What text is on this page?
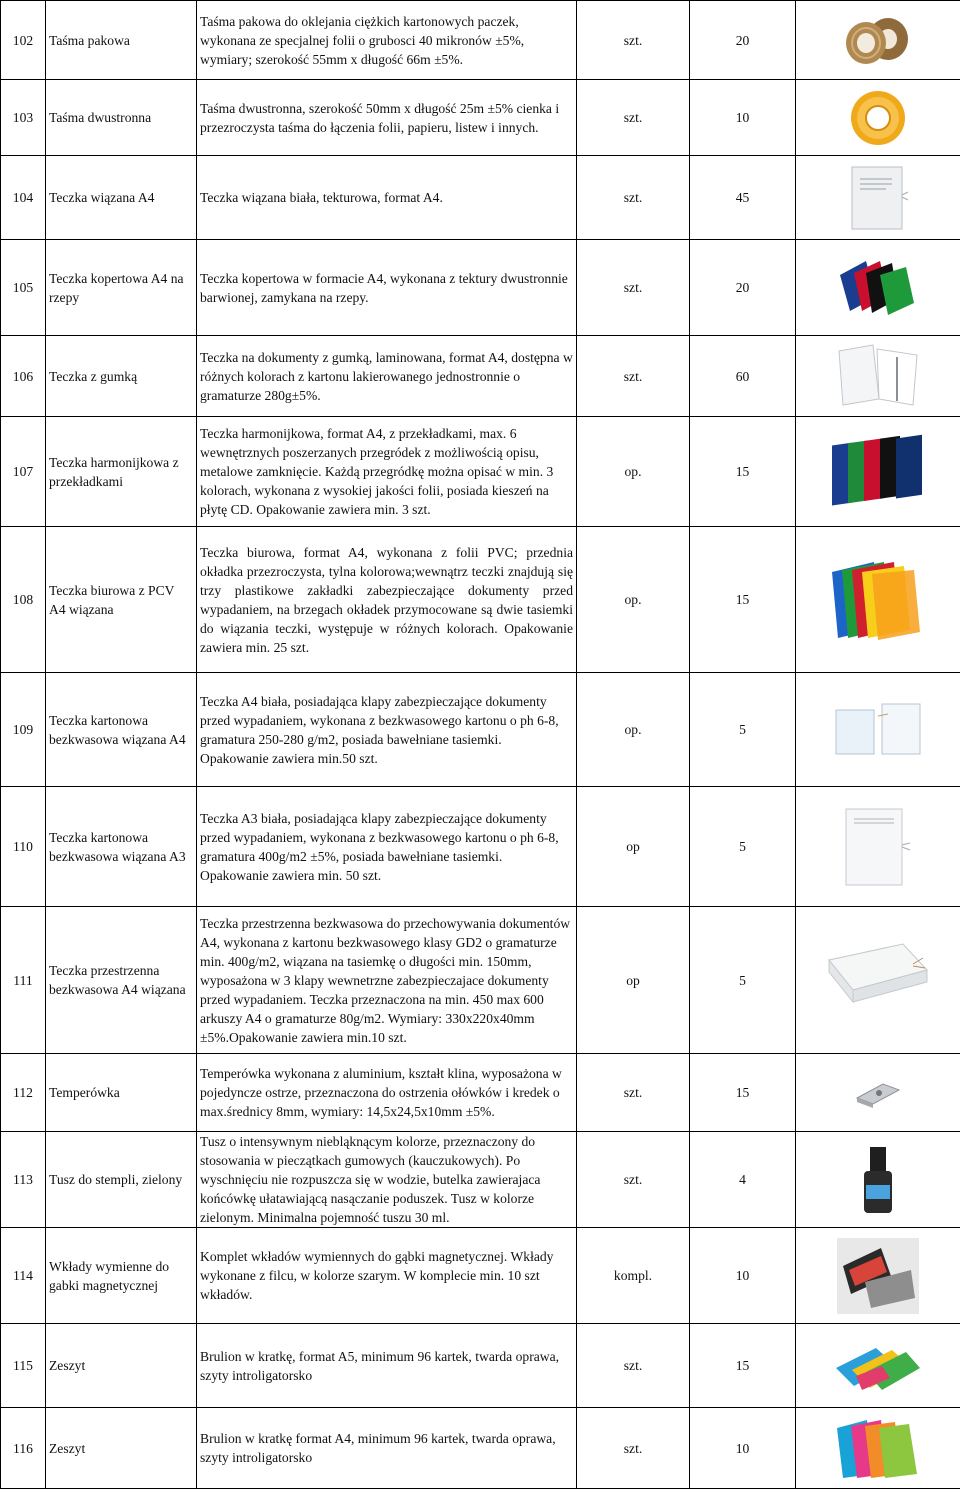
102	Taśma pakowa	Taśma pakowa do oklejania ciężkich kartonowych paczek, wykonana ze specjalnej folii o grubosci 40 mikronów ±5%, wymiary; szerokość 55mm x długość 66m ±5%.	szt.	20	

103	Taśma dwustronna	Taśma dwustronna, szerokość 50mm x długość 25m ±5% cienka i przezroczysta taśma do łączenia folii, papieru, listew i innych.	szt.	10	

104	Teczka wiązana A4	Teczka wiązana biała, tekturowa, format A4.	szt.	45	

105	Teczka kopertowa A4 na rzepy	Teczka kopertowa w formacie A4, wykonana z tektury dwustronnie barwionej, zamykana na rzepy.	szt.	20	

106	Teczka z gumką	Teczka na dokumenty z gumką, laminowana, format A4, dostępna w różnych kolorach z kartonu lakierowanego jednostronnie o gramaturze 280g±5%.	szt.	60	

107	Teczka harmonijkowa z przekładkami	Teczka harmonijkowa, format A4, z przekładkami, max. 6 wewnętrznych poszerzanych przegródek z możliwością opisu, metalowe zamknięcie. Każdą przegródkę można opisać w min. 3 kolorach, wykonana z wysokiej jakości folii, posiada kieszeń na płytę CD. Opakowanie zawiera min. 3 szt.	op.	15	

108	Teczka biurowa z PCV A4 wiązana	Teczka biurowa, format A4, wykonana z folii PVC; przednia okładka przezroczysta, tylna kolorowa;wewnątrz teczki znajdują się trzy plastikowe zakładki zabezpieczające dokumenty przed wypadaniem, na brzegach okładek przymocowane są dwie tasiemki do wiązania teczki, występuje w różnych kolorach. Opakowanie zawiera min. 25 szt.	op.	15	

109	Teczka kartonowa bezkwasowa wiązana A4	Teczka A4 biała, posiadająca klapy zabezpieczające dokumenty przed wypadaniem, wykonana z bezkwasowego kartonu o ph 6-8, gramatura 250-280 g/m2, posiada bawełniane tasiemki. Opakowanie zawiera min.50 szt.	op.	5	

110	Teczka kartonowa bezkwasowa wiązana A3	Teczka A3 biała, posiadająca klapy zabezpieczające dokumenty przed wypadaniem, wykonana z bezkwasowego kartonu o ph 6-8, gramatura 400g/m2 ±5%, posiada bawełniane tasiemki. Opakowanie zawiera min. 50 szt.	op	5	

111	Teczka przestrzenna bezkwasowa A4 wiązana	Teczka przestrzenna bezkwasowa do przechowywania dokumentów A4, wykonana z kartonu bezkwasowego klasy GD2 o gramaturze min. 400g/m2, wiązana na tasiemkę o długości min. 150mm, wyposażona w 3 klapy wewnetrzne zabezpieczajace dokumenty przed wypadaniem. Teczka przeznaczona na min. 450 max 600 arkuszy A4 o gramaturze 80g/m2. Wymiary: 330x220x40mm ±5%.Opakowanie zawiera min.10 szt.	op	5	

112	Temperówka	Temperówka wykonana z aluminium, kształt klina, wyposażona w pojedyncze ostrze, przeznaczona do ostrzenia ołówków i kredek o max.średnicy 8mm, wymiary: 14,5x24,5x10mm ±5%.	szt.	15	

113	Tusz do stempli, zielony	Tusz o intensywnym niebląknącym kolorze, przeznaczony do stosowania w pieczątkach gumowych (kauczukowych). Po wyschnięciu nie rozpuszcza się w wodzie, butelka zawierajaca końcówkę ułatawiającą nasączanie poduszek. Tusz w kolorze zielonym. Minimalna pojemność tuszu 30 ml.	szt.	4	

114	Wkłady wymienne do gabki magnetycznej	Komplet wkładów wymiennych do gąbki magnetycznej. Wkłady wykonane z filcu, w kolorze szarym. W komplecie min. 10 szt wkładów.	kompl.	10	

115	Zeszyt	Brulion w kratkę, format A5, minimum 96 kartek, twarda oprawa, szyty introligatorsko	szt.	15	

116	Zeszyt	Brulion w kratkę format A4, minimum 96 kartek, twarda oprawa, szyty introligatorsko	szt.	10	
